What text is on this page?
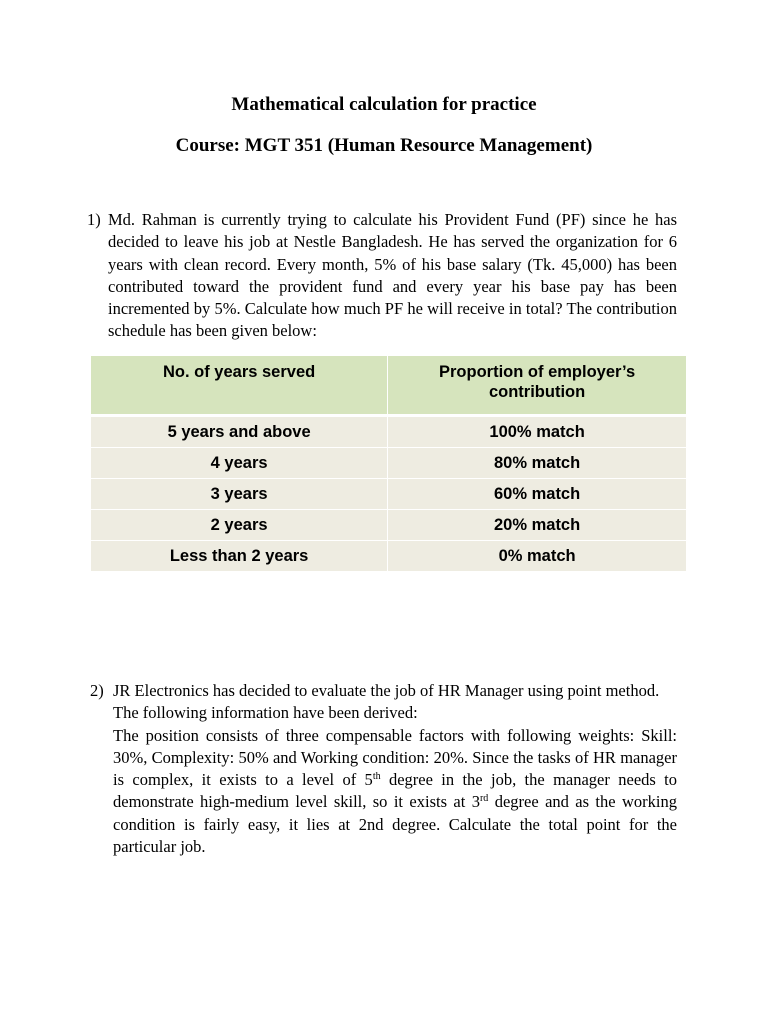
Mathematical calculation for practice
Course: MGT 351 (Human Resource Management)
1) Md. Rahman is currently trying to calculate his Provident Fund (PF) since he has decided to leave his job at Nestle Bangladesh. He has served the organization for 6 years with clean record. Every month, 5% of his base salary (Tk. 45,000) has been contributed toward the provident fund and every year his base pay has been incremented by 5%. Calculate how much PF he will receive in total? The contribution schedule has been given below:

No. of years served	Proportion of employer’s contribution
5 years and above	100% match
4 years	80% match
3 years	60% match
2 years	20% match
Less than 2 years	0% match
2) JR Electronics has decided to evaluate the job of HR Manager using point method. The following information have been derived:

The position consists of three compensable factors with following weights: Skill: 30%, Complexity: 50% and Working condition: 20%. Since the tasks of HR manager is complex, it exists to a level of 5th degree in the job, the manager needs to demonstrate high-medium level skill, so it exists at 3rd degree and as the working condition is fairly easy, it lies at 2nd degree. Calculate the total point for the particular job.
